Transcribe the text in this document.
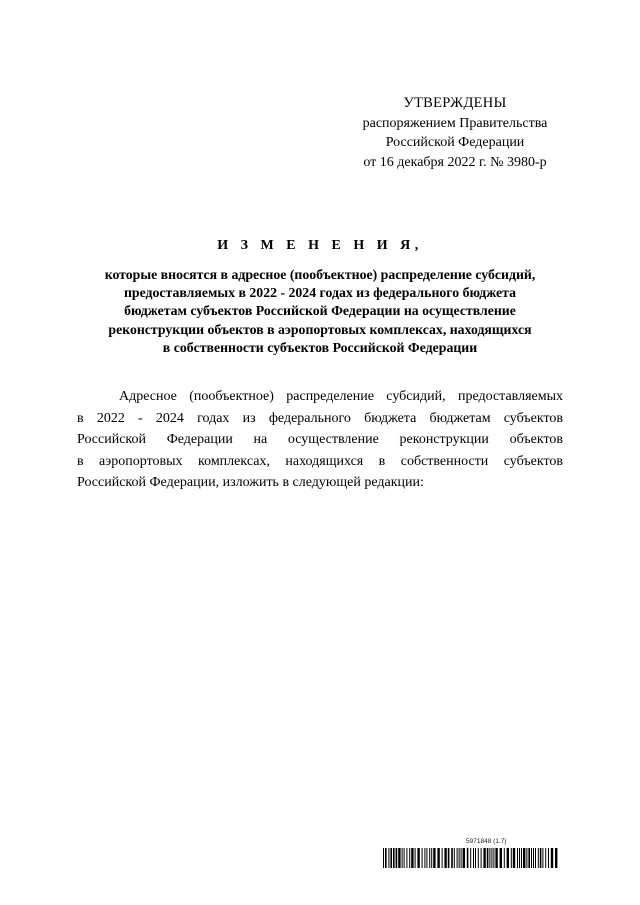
УТВЕРЖДЕНЫ
распоряжением Правительства
Российской Федерации
от 16 декабря 2022 г. № 3980-р
И З М Е Н Е Н И Я,
которые вносятся в адресное (пообъектное) распределение субсидий,
предоставляемых в 2022 - 2024 годах из федерального бюджета
бюджетам субъектов Российской Федерации на осуществление
реконструкции объектов в аэропортовых комплексах, находящихся
в собственности субъектов Российской Федерации
Адресное (пообъектное) распределение субсидий, предоставляемых
в 2022 - 2024 годах из федерального бюджета бюджетам субъектов
Российской Федерации на осуществление реконструкции объектов
в аэропортовых комплексах, находящихся в собственности субъектов
Российской Федерации, изложить в следующей редакции:
5971848 (1.7)
